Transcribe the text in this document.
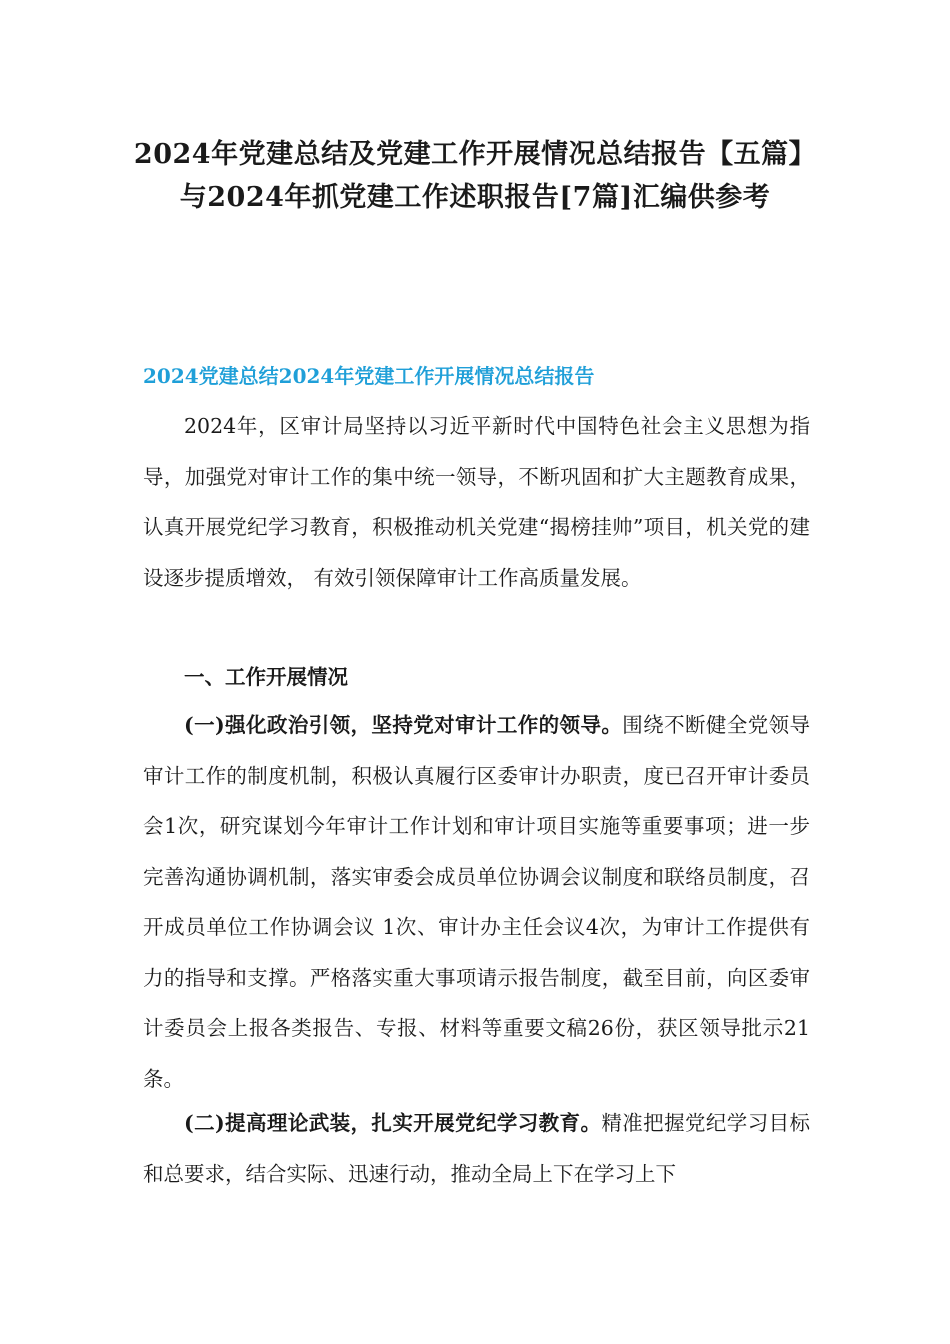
2024年党建总结及党建工作开展情况总结报告【五篇】与2024年抓党建工作述职报告[7篇]汇编供参考
2024党建总结2024年党建工作开展情况总结报告

2024年，区审计局坚持以习近平新时代中国特色社会主义思想为指导，加强党对审计工作的集中统一领导，不断巩固和扩大主题教育成果，认真开展党纪学习教育，积极推动机关党建“揭榜挂帅”项目，机关党的建设逐步提质增效， 有效引领保障审计工作高质量发展。

一、工作开展情况

(一)强化政治引领，坚持党对审计工作的领导。围绕不断健全党领导审计工作的制度机制，积极认真履行区委审计办职责，度已召开审计委员会1次，研究谋划今年审计工作计划和审计项目实施等重要事项；进一步完善沟通协调机制，落实审委会成员单位协调会议制度和联络员制度，召开成员单位工作协调会议 1次、审计办主任会议4次，为审计工作提供有力的指导和支撑。严格落实重大事项请示报告制度，截至目前，向区委审计委员会上报各类报告、专报、材料等重要文稿26份，获区领导批示21 条。

(二)提高理论武装，扎实开展党纪学习教育。精准把握党纪学习目标和总要求，结合实际、迅速行动，推动全局上下在学习上下
